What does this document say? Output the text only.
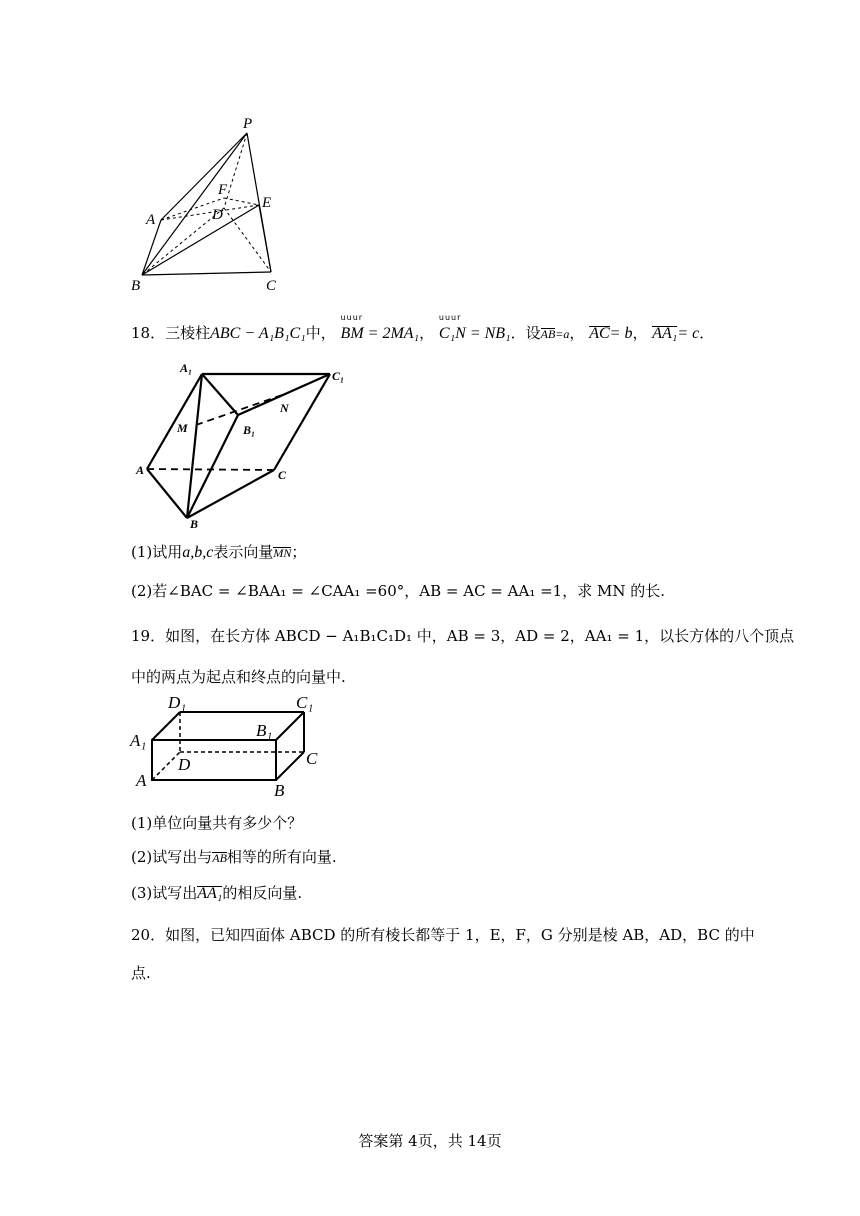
P
F
A	D
E
B	C
18．三棱柱ABC − A₁B₁C₁中，
uuur
BM = 2MA₁，
uuur
C₁N = NB₁．设AB=a， AC= b， AA₁= c．
A₁
C₁
N
M	B₁
A	C
B
(1)试用a,b,c表示向量MN；
(2)若∠BAC = ∠BAA₁ = ∠CAA₁ =60°，AB = AC = AA₁ =1，求 MN 的长.
19．如图，在长方体 ABCD − A₁B₁C₁D₁ 中，AB = 3，AD = 2，AA₁ = 1，以长方体的八个顶点
中的两点为起点和终点的向量中.
D₁	C₁
B₁
A₁
C
D
A
B
(1)单位向量共有多少个？
(2)试写出与AB相等的所有向量.
(3)试写出AA₁的相反向量.
20．如图，已知四面体 ABCD 的所有棱长都等于 1，E，F，G 分别是棱 AB，AD，BC 的中
点.
答案第 4页，共 14页
